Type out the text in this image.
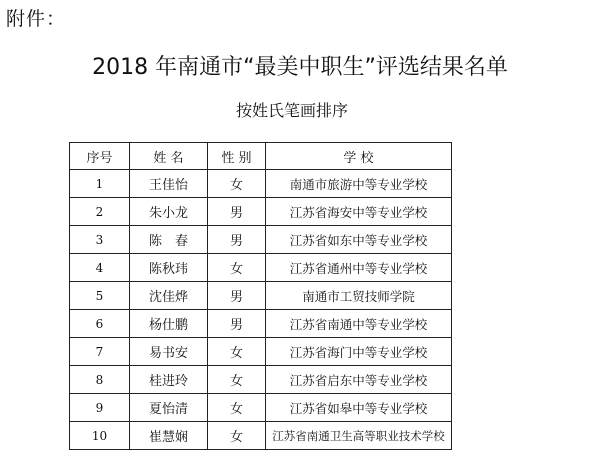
附件：
2018 年南通市“最美中职生”评选结果名单
按姓氏笔画排序
序号	姓 名	性 别	学 校
1	王佳怡	女	南通市旅游中等专业学校
2	朱小龙	男	江苏省海安中等专业学校
3	陈　春	男	江苏省如东中等专业学校
4	陈秋玮	女	江苏省通州中等专业学校
5	沈佳烨	男	南通市工贸技师学院
6	杨仕鹏	男	江苏省南通中等专业学校
7	易书安	女	江苏省海门中等专业学校
8	桂进玲	女	江苏省启东中等专业学校
9	夏怡清	女	江苏省如皋中等专业学校
10	崔慧娴	女	江苏省南通卫生高等职业技术学校
